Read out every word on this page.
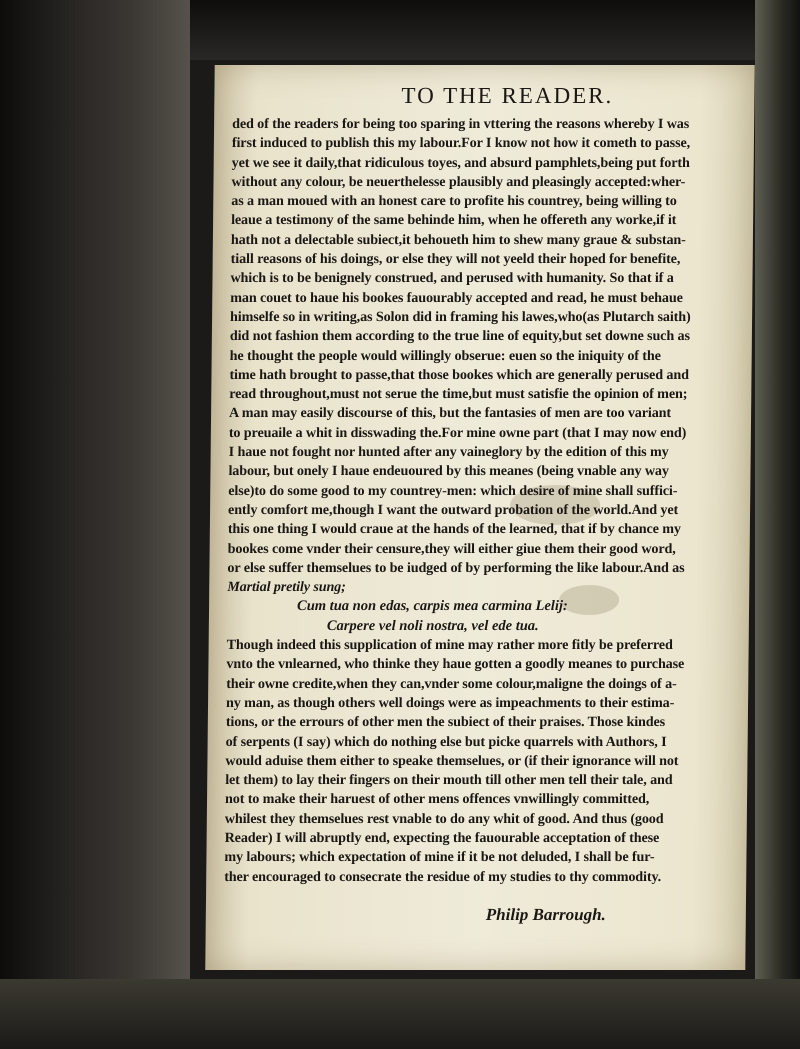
TO THE READER.
ded of the readers for being too sparing in vttering the reasons whereby I was
first induced to publish this my labour.For I know not how it cometh to passe,
yet we see it daily,that ridiculous toyes, and absurd pamphlets,being put forth
without any colour, be neuerthelesse plausibly and pleasingly accepted:wher-
as a man moued with an honest care to profite his countrey, being willing to
leaue a testimony of the same behinde him, when he offereth any worke,if it
hath not a delectable subiect,it behoueth him to shew many graue & substan-
tiall reasons of his doings, or else they will not yeeld their hoped for benefite,
which is to be benignely construed, and perused with humanity. So that if a
man couet to haue his bookes fauourably accepted and read, he must behaue
himselfe so in writing,as Solon did in framing his lawes,who(as Plutarch saith)
did not fashion them according to the true line of equity,but set downe such as
he thought the people would willingly obserue: euen so the iniquity of the
time hath brought to passe,that those bookes which are generally perused and
read throughout,must not serue the time,but must satisfie the opinion of men;
A man may easily discourse of this, but the fantasies of men are too variant
to preuaile a whit in disswading the.For mine owne part (that I may now end)
I haue not fought nor hunted after any vaineglory by the edition of this my
labour, but onely I haue endeuoured by this meanes (being vnable any way
else)to do some good to my countrey-men: which desire of mine shall suffici-
ently comfort me,though I want the outward probation of the world.And yet
this one thing I would craue at the hands of the learned, that if by chance my
bookes come vnder their censure,they will either giue them their good word,
or else suffer themselues to be iudged of by performing the like labour.And as
Martial pretily sung;
Cum tua non edas, carpis mea carmina Lelij:
Carpere vel noli nostra, vel ede tua.
Though indeed this supplication of mine may rather more fitly be preferred
vnto the vnlearned, who thinke they haue gotten a goodly meanes to purchase
their owne credite,when they can,vnder some colour,maligne the doings of a-
ny man, as though others well doings were as impeachments to their estima-
tions, or the errours of other men the subiect of their praises. Those kindes
of serpents (I say) which do nothing else but picke quarrels with Authors, I
would aduise them either to speake themselues, or (if their ignorance will not
let them) to lay their fingers on their mouth till other men tell their tale, and
not to make their haruest of other mens offences vnwillingly committed,
whilest they themselues rest vnable to do any whit of good. And thus (good
Reader) I will abruptly end, expecting the fauourable acceptation of these
my labours; which expectation of mine if it be not deluded, I shall be fur-
ther encouraged to consecrate the residue of my studies to thy commodity.
Philip Barrough.
